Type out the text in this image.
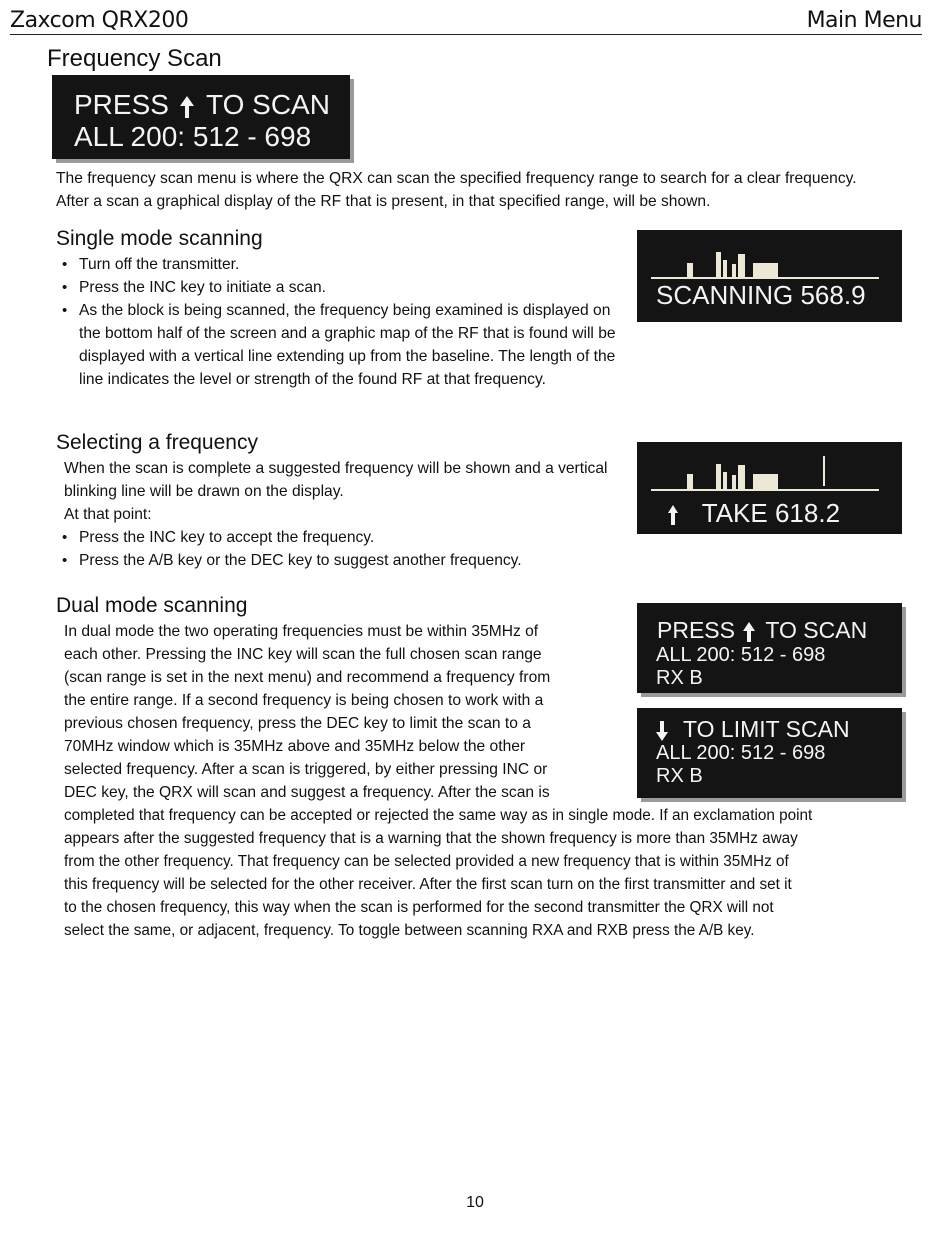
Zaxcom QRX200	Main Menu
Frequency Scan
PRESS TO SCAN
ALL 200: 512 - 698

The frequency scan menu is where the QRX can scan the specified frequency range to search for a clear frequency. After a scan a graphical display of the RF that is present, in that specified range, will be shown.

Single mode scanning
• Turn off the transmitter.
• Press the INC key to initiate a scan.
• As the block is being scanned, the frequency being examined is displayed on the bottom half of the screen and a graphic map of the RF that is found will be displayed with a vertical line extending up from the baseline. The length of the line indicates the level or strength of the found RF at that frequency.
SCANNING 568.9
Selecting a frequency

When the scan is complete a suggested frequency will be shown and a vertical blinking line will be drawn on the display.

At that point:

• Press the INC key to accept the frequency.
• Press the A/B key or the DEC key to suggest another frequency.
TAKE 618.2
Dual mode scanning
In dual mode the two operating frequencies must be within 35MHz of
each other. Pressing the INC key will scan the full chosen scan range
(scan range is set in the next menu) and recommend a frequency from
the entire range. If a second frequency is being chosen to work with a
previous chosen frequency, press the DEC key to limit the scan to a
70MHz window which is 35MHz above and 35MHz below the other
selected frequency. After a scan is triggered, by either pressing INC or
DEC key, the QRX will scan and suggest a frequency. After the scan is
completed that frequency can be accepted or rejected the same way as in single mode. If an exclamation point
appears after the suggested frequency that is a warning that the shown frequency is more than 35MHz away
from the other frequency. That frequency can be selected provided a new frequency that is within 35MHz of
this frequency will be selected for the other receiver. After the first scan turn on the first transmitter and set it
to the chosen frequency, this way when the scan is performed for the second transmitter the QRX will not
select the same, or adjacent, frequency. To toggle between scanning RXA and RXB press the A/B key.
PRESS TO SCAN
ALL 200: 512 - 698
RX B
TO LIMIT SCAN
ALL 200: 512 - 698
RX B
10
